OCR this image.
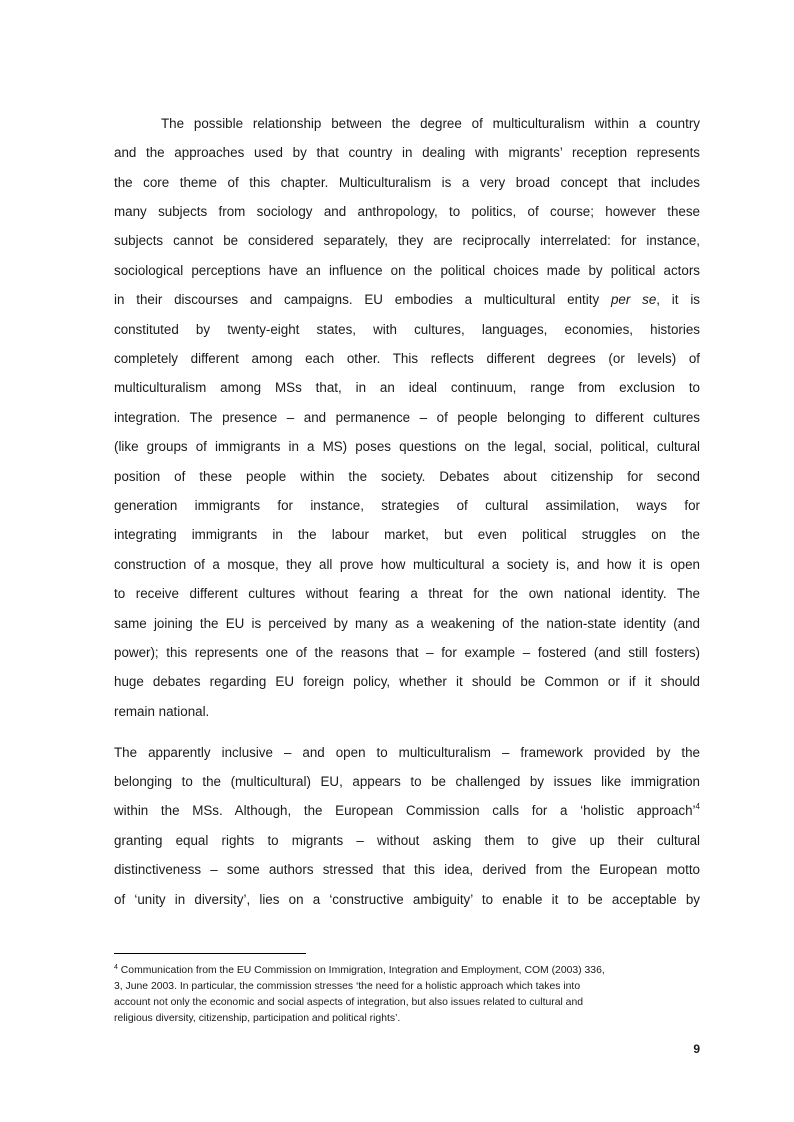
The possible relationship between the degree of multiculturalism within a country
and the approaches used by that country in dealing with migrants’ reception represents
the core theme of this chapter. Multiculturalism is a very broad concept that includes
many subjects from sociology and anthropology, to politics, of course; however these
subjects cannot be considered separately, they are reciprocally interrelated: for instance,
sociological perceptions have an influence on the political choices made by political actors
in their discourses and campaigns. EU embodies a multicultural entity per se, it is
constituted by twenty-eight states, with cultures, languages, economies, histories
completely different among each other. This reflects different degrees (or levels) of
multiculturalism among MSs that, in an ideal continuum, range from exclusion to
integration. The presence – and permanence – of people belonging to different cultures
(like groups of immigrants in a MS) poses questions on the legal, social, political, cultural
position of these people within the society. Debates about citizenship for second
generation immigrants for instance, strategies of cultural assimilation, ways for
integrating immigrants in the labour market, but even political struggles on the
construction of a mosque, they all prove how multicultural a society is, and how it is open
to receive different cultures without fearing a threat for the own national identity. The
same joining the EU is perceived by many as a weakening of the nation-state identity (and
power); this represents one of the reasons that – for example – fostered (and still fosters)
huge debates regarding EU foreign policy, whether it should be Common or if it should
remain national.
The apparently inclusive – and open to multiculturalism – framework provided by the
belonging to the (multicultural) EU, appears to be challenged by issues like immigration
within the MSs. Although, the European Commission calls for a ‘holistic approach’$^4$
granting equal rights to migrants – without asking them to give up their cultural
distinctiveness – some authors stressed that this idea, derived from the European motto
of ‘unity in diversity’, lies on a ‘constructive ambiguity’ to enable it to be acceptable by
$^4$ Communication from the EU Commission on Immigration, Integration and Employment, COM (2003) 336,
3, June 2003. In particular, the commission stresses ‘the need for a holistic approach which takes into
account not only the economic and social aspects of integration, but also issues related to cultural and
religious diversity, citizenship, participation and political rights’.
9
